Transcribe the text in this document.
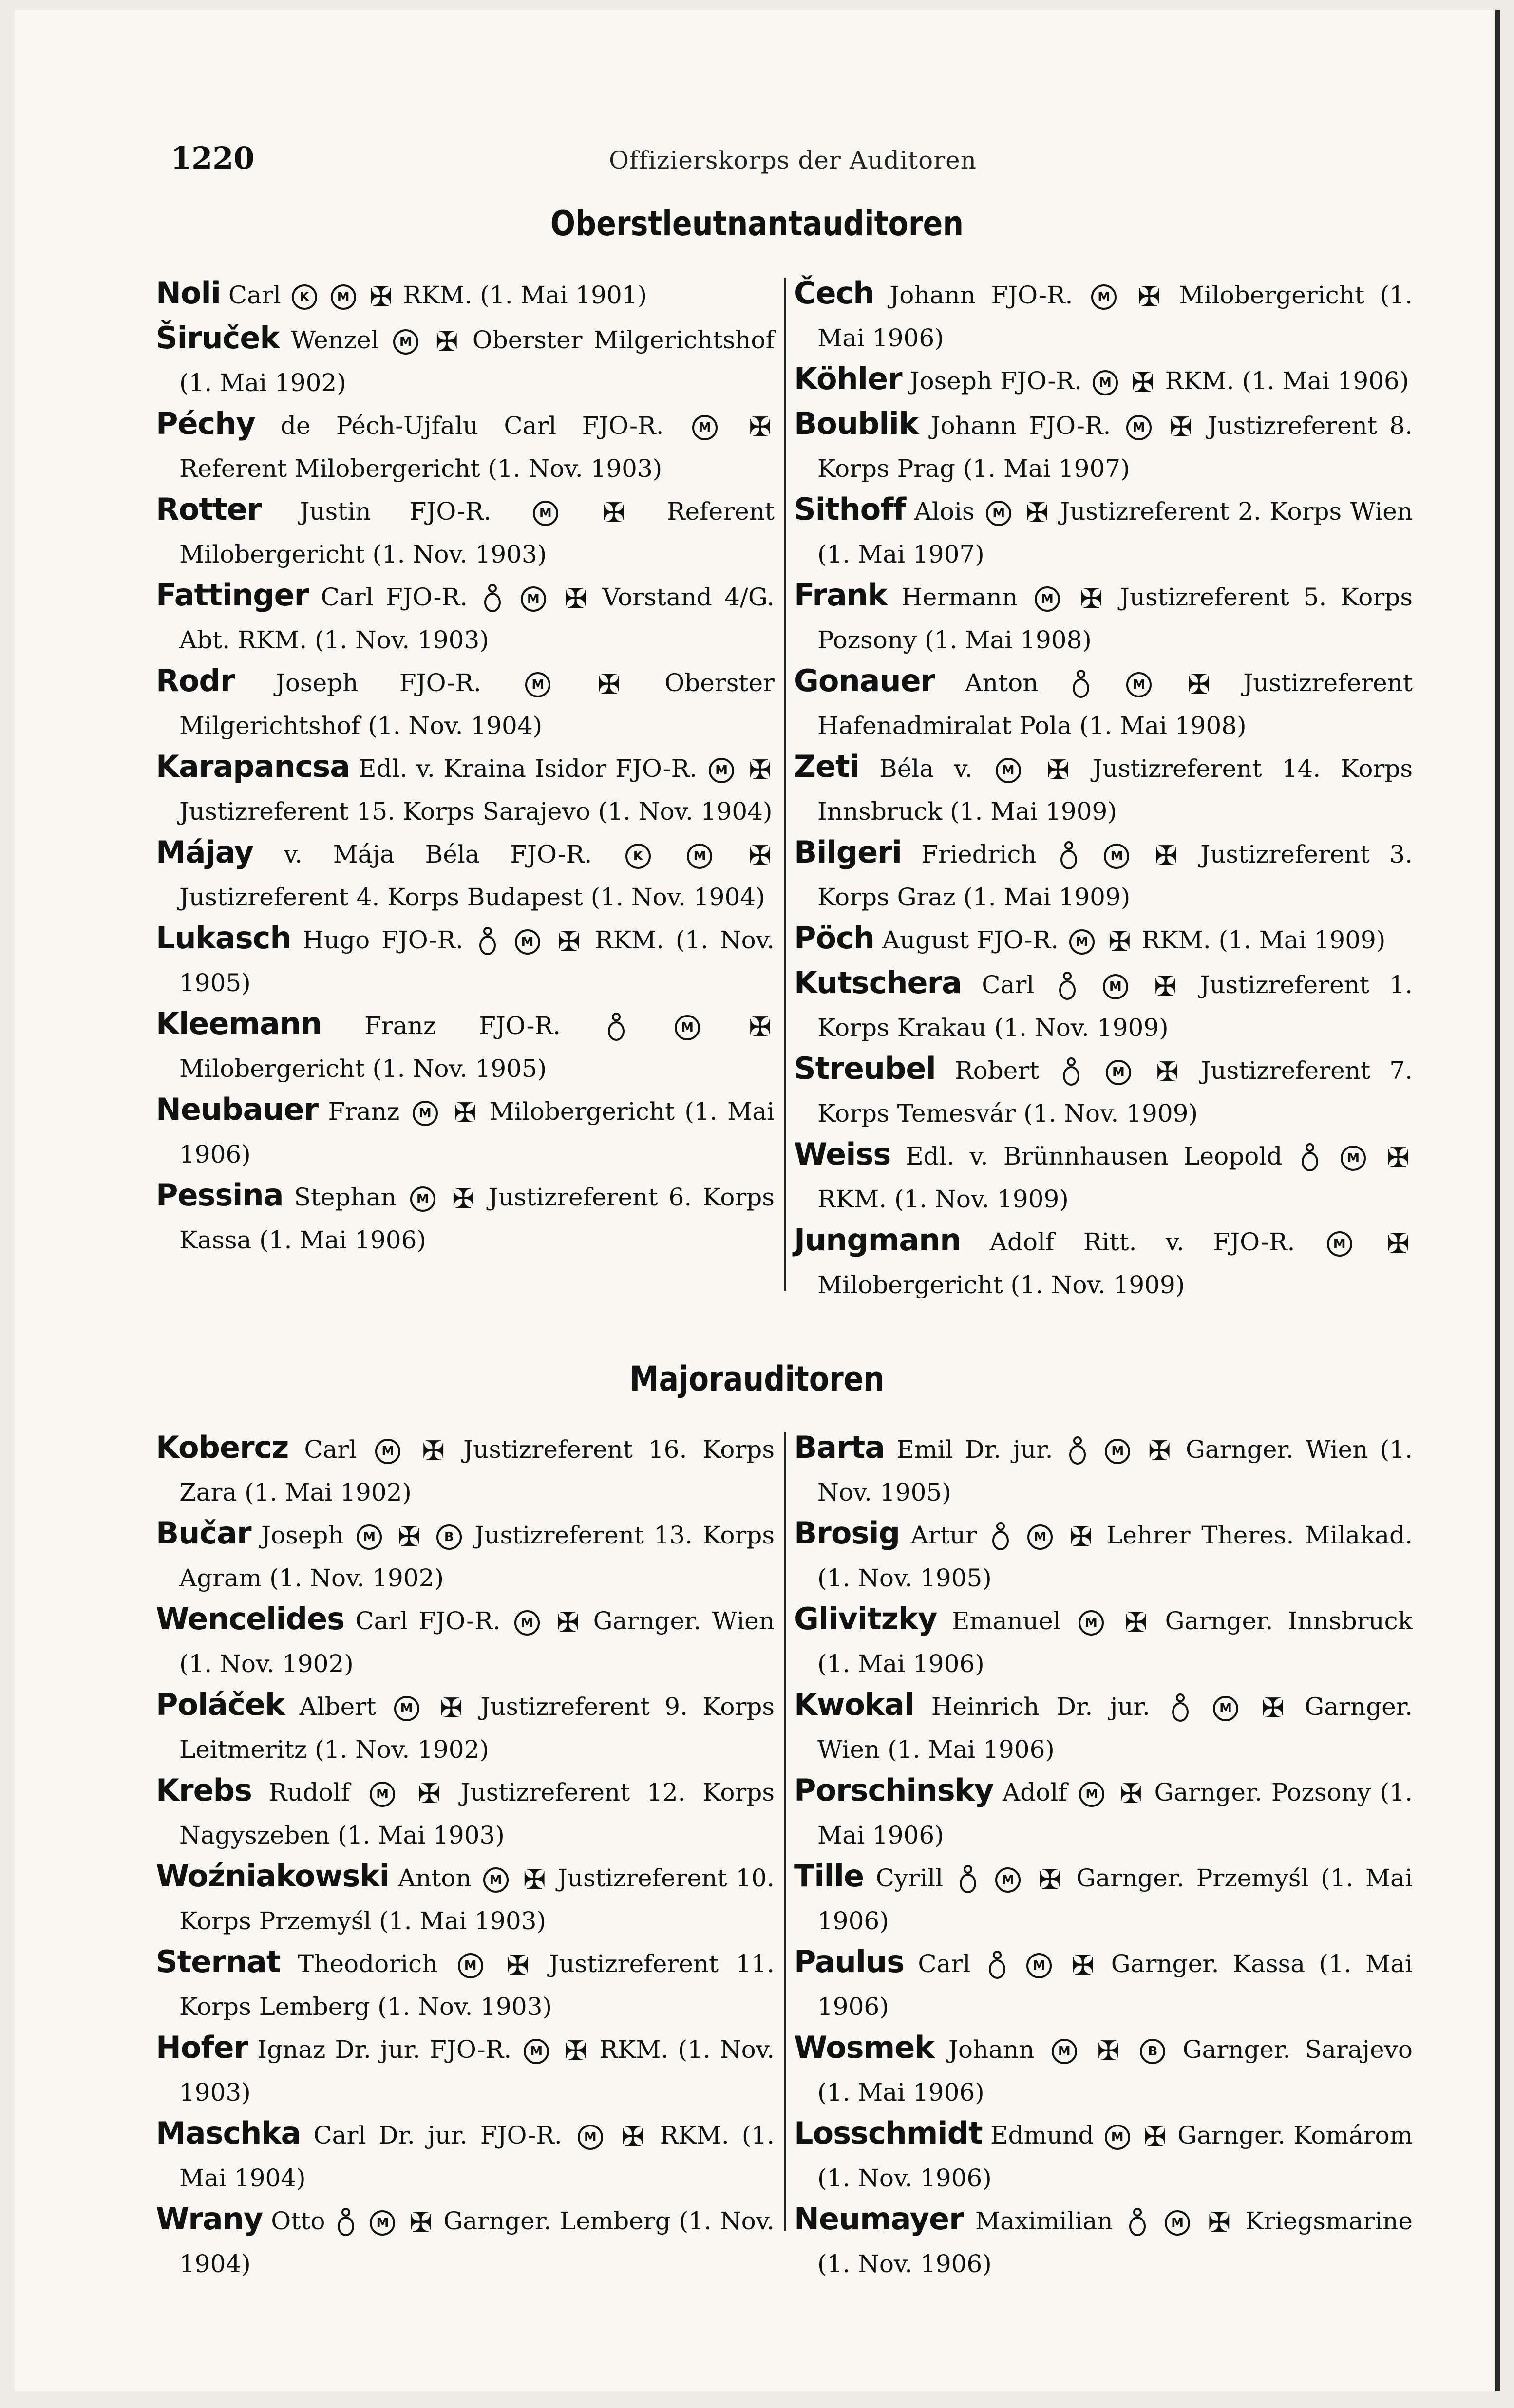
1220	Offizierskorps der Auditoren
Oberstleutnantauditoren
Noli Carl K M ✠ RKM. (1. Mai 1901)
Širuček Wenzel M ✠ Oberster Milgerichtshof (1. Mai 1902)
Péchy de Péch-Ujfalu Carl FJO-R. M ✠ Referent Milobergericht (1. Nov. 1903)
Rotter Justin FJO-R. M ✠ Referent Milobergericht (1. Nov. 1903)
Fattinger Carl FJO-R.	M ✠ Vorstand 4/G. Abt. RKM. (1. Nov. 1903)
Rodr Joseph FJO-R. M ✠ Oberster Milgerichtshof (1. Nov. 1904)
Karapancsa Edl. v. Kraina Isidor FJO-R. M ✠ Justizreferent 15. Korps Sarajevo (1. Nov. 1904)
Májay v. Mája Béla FJO-R. K	M ✠ Justizreferent 4. Korps Budapest (1. Nov. 1904)
Lukasch Hugo FJO-R.	M ✠ RKM. (1. Nov. 1905)
Kleemann Franz FJO-R.	M ✠ Milobergericht (1. Nov. 1905)
Neubauer Franz M ✠ Milobergericht (1. Mai 1906)
Pessina Stephan M ✠ Justizreferent 6. Korps Kassa (1. Mai 1906)
Čech Johann FJO-R. M ✠ Milobergericht (1. Mai 1906)
Köhler Joseph FJO-R. M ✠ RKM. (1. Mai 1906)
Boublik Johann FJO-R. M ✠ Justizreferent 8. Korps Prag (1. Mai 1907)
Sithoff Alois M ✠ Justizreferent 2. Korps Wien (1. Mai 1907)
Frank Hermann M ✠ Justizreferent 5. Korps Pozsony (1. Mai 1908)
Gonauer Anton	M ✠ Justizreferent Hafenadmiralat Pola (1. Mai 1908)
Zeti Béla v. M ✠ Justizreferent 14. Korps Innsbruck (1. Mai 1909)
Bilgeri Friedrich	M ✠ Justizreferent 3. Korps Graz (1. Mai 1909)
Pöch August FJO-R. M ✠ RKM. (1. Mai 1909)
Kutschera Carl	M ✠ Justizreferent 1. Korps Krakau (1. Nov. 1909)
Streubel Robert	M ✠ Justizreferent 7. Korps Temesvár (1. Nov. 1909)
Weiss Edl. v. Brünnhausen Leopold	M ✠ RKM. (1. Nov. 1909)
Jungmann Adolf Ritt. v. FJO-R. M ✠ Milobergericht (1. Nov. 1909)
Majorauditoren
Kobercz Carl M ✠ Justizreferent 16. Korps Zara (1. Mai 1902)
Bučar Joseph M ✠ B Justizreferent 13. Korps Agram (1. Nov. 1902)
Wencelides Carl FJO-R. M ✠ Garnger. Wien (1. Nov. 1902)
Poláček Albert M ✠ Justizreferent 9. Korps Leitmeritz (1. Nov. 1902)
Krebs Rudolf M ✠ Justizreferent 12. Korps Nagyszeben (1. Mai 1903)
Woźniakowski Anton M ✠ Justizreferent 10. Korps Przemyśl (1. Mai 1903)
Sternat Theodorich M ✠ Justizreferent 11. Korps Lemberg (1. Nov. 1903)
Hofer Ignaz Dr. jur. FJO-R. M ✠ RKM. (1. Nov. 1903)
Maschka Carl Dr. jur. FJO-R. M ✠ RKM. (1. Mai 1904)
Wrany Otto	M ✠ Garnger. Lemberg (1. Nov. 1904)
Barta Emil Dr. jur.	M ✠ Garnger. Wien (1. Nov. 1905)
Brosig Artur	M ✠ Lehrer Theres. Milakad. (1. Nov. 1905)
Glivitzky Emanuel M ✠ Garnger. Innsbruck (1. Mai 1906)
Kwokal Heinrich Dr. jur.	M ✠ Garnger. Wien (1. Mai 1906)
Porschinsky Adolf M ✠ Garnger. Pozsony (1. Mai 1906)
Tille Cyrill	M ✠ Garnger. Przemyśl (1. Mai 1906)
Paulus Carl	M ✠ Garnger. Kassa (1. Mai 1906)
Wosmek Johann M ✠ B Garnger. Sarajevo (1. Mai 1906)
Losschmidt Edmund M ✠ Garnger. Komárom (1. Nov. 1906)
Neumayer Maximilian	M ✠ Kriegsmarine (1. Nov. 1906)
